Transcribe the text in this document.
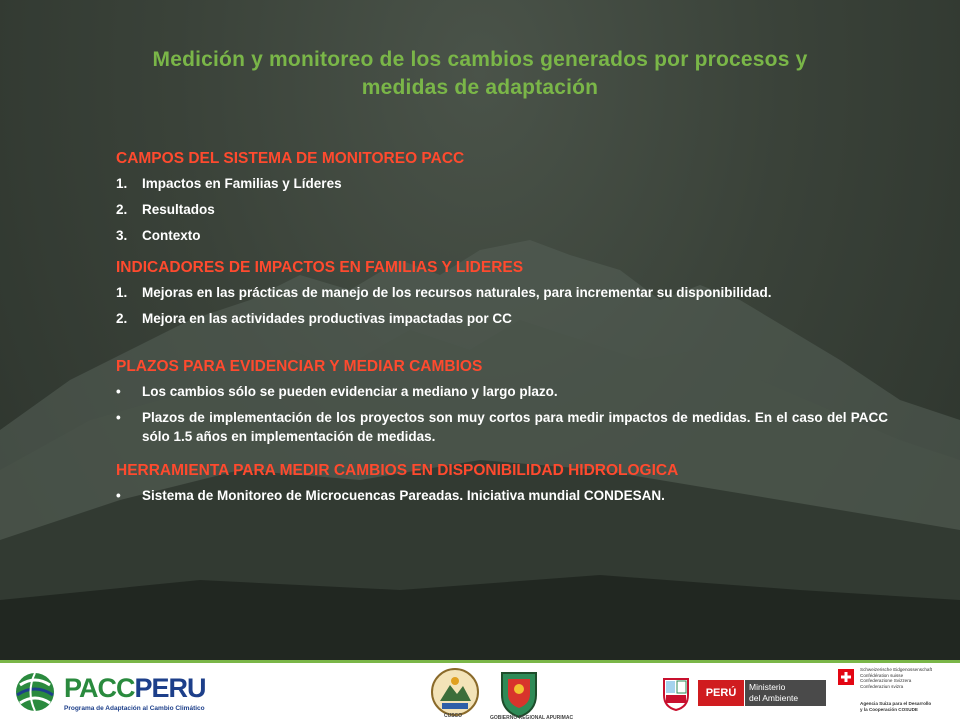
Medición y monitoreo de los cambios generados por procesos y
medidas de adaptación
CAMPOS DEL SISTEMA DE MONITOREO PACC
1. Impactos en Familias y Líderes
2. Resultados
3. Contexto
INDICADORES DE IMPACTOS EN FAMILIAS Y LIDERES
1. Mejoras en las prácticas de manejo de los recursos naturales, para incrementar su disponibilidad.
2. Mejora en las actividades productivas impactadas por CC
PLAZOS PARA EVIDENCIAR Y MEDIAR CAMBIOS
• Los cambios sólo se pueden evidenciar a mediano y largo plazo.
• Plazos de implementación de los proyectos son muy cortos para medir impactos de medidas. En el caso del PACC sólo 1.5 años en implementación de medidas.
HERRAMIENTA PARA MEDIR CAMBIOS EN DISPONIBILIDAD HIDROLOGICA
• Sistema de Monitoreo de Microcuencas Pareadas. Iniciativa mundial CONDESAN.
PACCPERU
Programa de Adaptación al Cambio Climático
CUSCO	GOBIERNO REGIONAL APURIMAC
PERÚ	Ministerio
del Ambiente
Schweizerische Eidgenossenschaft
Confédération suisse
Confederazione Svizzera
Confederaziun svizra
Agencia Suiza para el Desarrollo
y la Cooperación COSUDE
